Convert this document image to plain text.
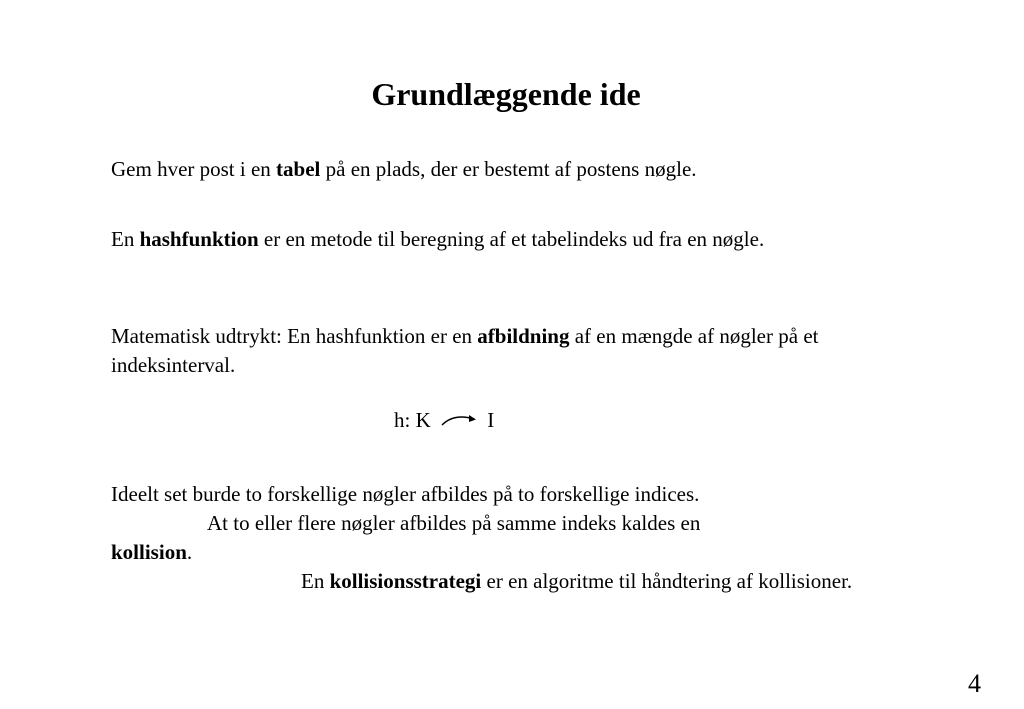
Grundlæggende ide

Gem hver post i en tabel på en plads, der er bestemt af postens nøgle.

En hashfunktion er en metode til beregning af et tabelindeks ud fra en nøgle.

Matematisk udtrykt: En hashfunktion er en afbildning af en mængde af nøgler på et indeksinterval.

h: K	I

Ideelt set burde to forskellige nøgler afbildes på to forskellige indices.
At to eller flere nøgler afbildes på samme indeks kaldes en
kollision.
En kollisionsstrategi er en algoritme til håndtering af kollisioner.

4
